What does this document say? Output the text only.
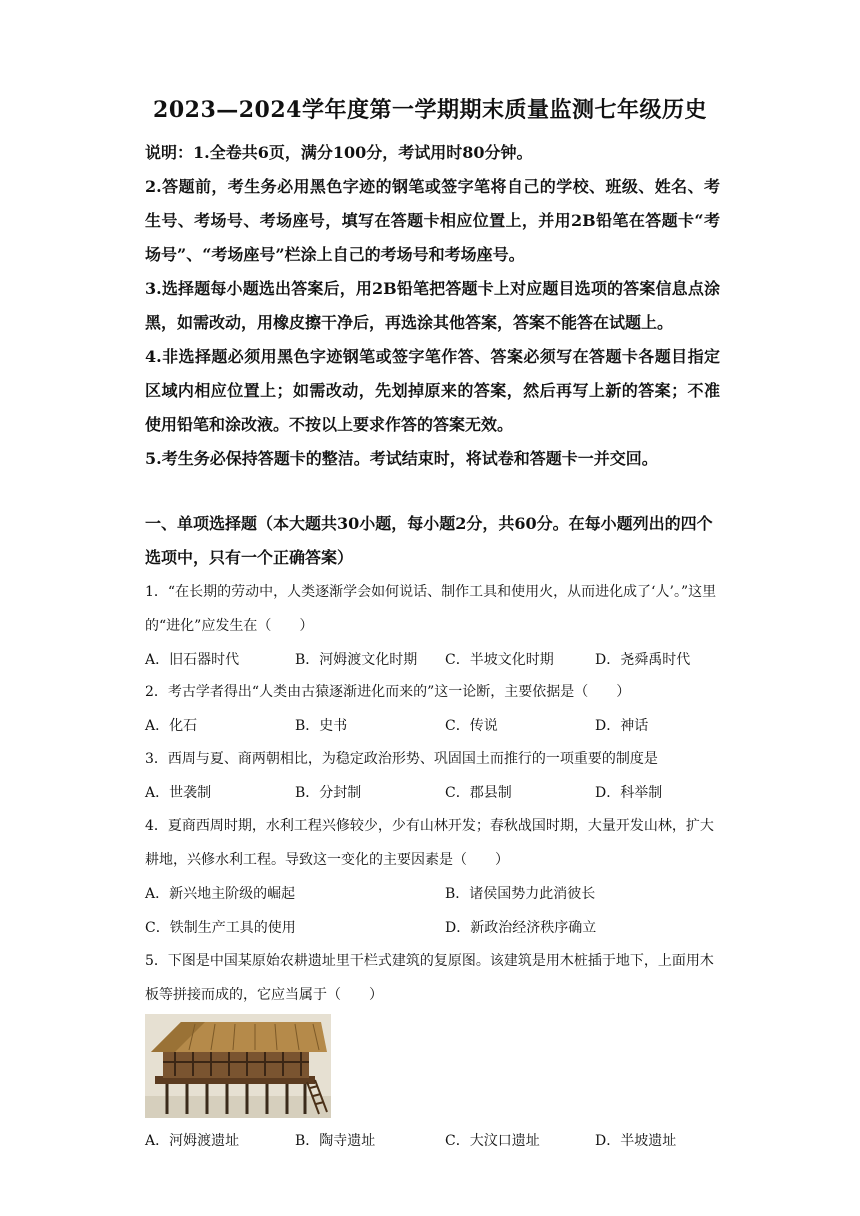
2023—2024学年度第一学期期末质量监测七年级历史

说明：1.全卷共6页，满分100分，考试用时80分钟。

2.答题前，考生务必用黑色字迹的钢笔或签字笔将自己的学校、班级、姓名、考生号、考场号、考场座号，填写在答题卡相应位置上，并用2B铅笔在答题卡“考场号”、“考场座号”栏涂上自己的考场号和考场座号。

3.选择题每小题选出答案后，用2B铅笔把答题卡上对应题目选项的答案信息点涂黑，如需改动，用橡皮擦干净后，再选涂其他答案，答案不能答在试题上。

4.非选择题必须用黑色字迹钢笔或签字笔作答、答案必须写在答题卡各题目指定区域内相应位置上；如需改动，先划掉原来的答案，然后再写上新的答案；不准使用铅笔和涂改液。不按以上要求作答的答案无效。

5.考生务必保持答题卡的整洁。考试结束时，将试卷和答题卡一并交回。

一、单项选择题（本大题共30小题，每小题2分，共60分。在每小题列出的四个选项中，只有一个正确答案）

1．“在长期的劳动中，人类逐渐学会如何说话、制作工具和使用火，从而进化成了‘人’。”这里的“进化”应发生在（　　）

A．旧石器时代	B．河姆渡文化时期	C．半坡文化时期	D．尧舜禹时代

2．考古学者得出“人类由古猿逐渐进化而来的”这一论断，主要依据是（　　）

A．化石	B．史书	C．传说	D．神话

3．西周与夏、商两朝相比，为稳定政治形势、巩固国土而推行的一项重要的制度是

A．世袭制	B．分封制	C．郡县制	D．科举制

4．夏商西周时期，水利工程兴修较少，少有山林开发；春秋战国时期，大量开发山林，扩大耕地，兴修水利工程。导致这一变化的主要因素是（　　）

A．新兴地主阶级的崛起	B．诸侯国势力此消彼长
C．铁制生产工具的使用	D．新政治经济秩序确立

5．下图是中国某原始农耕遗址里干栏式建筑的复原图。该建筑是用木桩插于地下，上面用木板等拼接而成的，它应当属于（　　）

A．河姆渡遗址	B．陶寺遗址	C．大汶口遗址	D．半坡遗址
